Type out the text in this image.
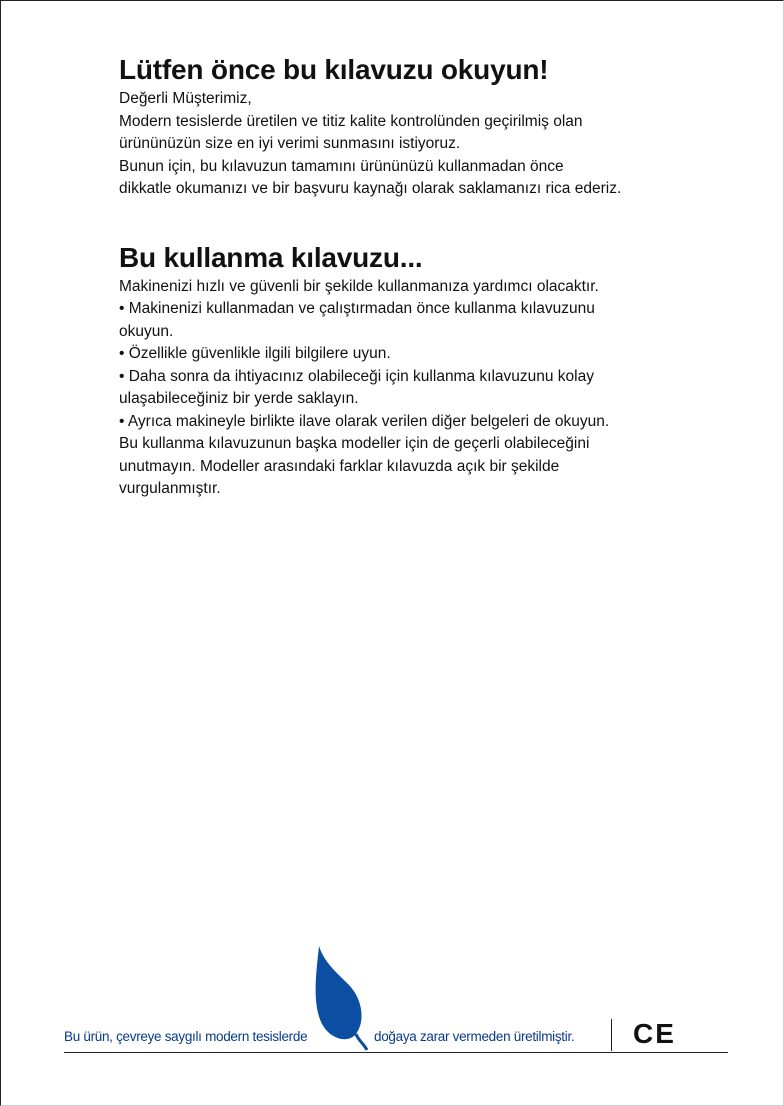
Lütfen önce bu kılavuzu okuyun!

Değerli Müşterimiz,

Modern tesislerde üretilen ve titiz kalite kontrolünden geçirilmiş olan

ürününüzün size en iyi verimi sunmasını istiyoruz.

Bunun için, bu kılavuzun tamamını ürününüzü kullanmadan önce

dikkatle okumanızı ve bir başvuru kaynağı olarak saklamanızı rica ederiz.

Bu kullanma kılavuzu...

Makinenizi hızlı ve güvenli bir şekilde kullanmanıza yardımcı olacaktır.

• Makinenizi kullanmadan ve çalıştırmadan önce kullanma kılavuzunu

okuyun.

• Özellikle güvenlikle ilgili bilgilere uyun.

• Daha sonra da ihtiyacınız olabileceği için kullanma kılavuzunu kolay

ulaşabileceğiniz bir yerde saklayın.

• Ayrıca makineyle birlikte ilave olarak verilen diğer belgeleri de okuyun.

Bu kullanma kılavuzunun başka modeller için de geçerli olabileceğini

unutmayın. Modeller arasındaki farklar kılavuzda açık bir şekilde

vurgulanmıştır.

Bu ürün, çevreye saygılı modern tesislerde	doğaya zarar vermeden üretilmiştir. CE
